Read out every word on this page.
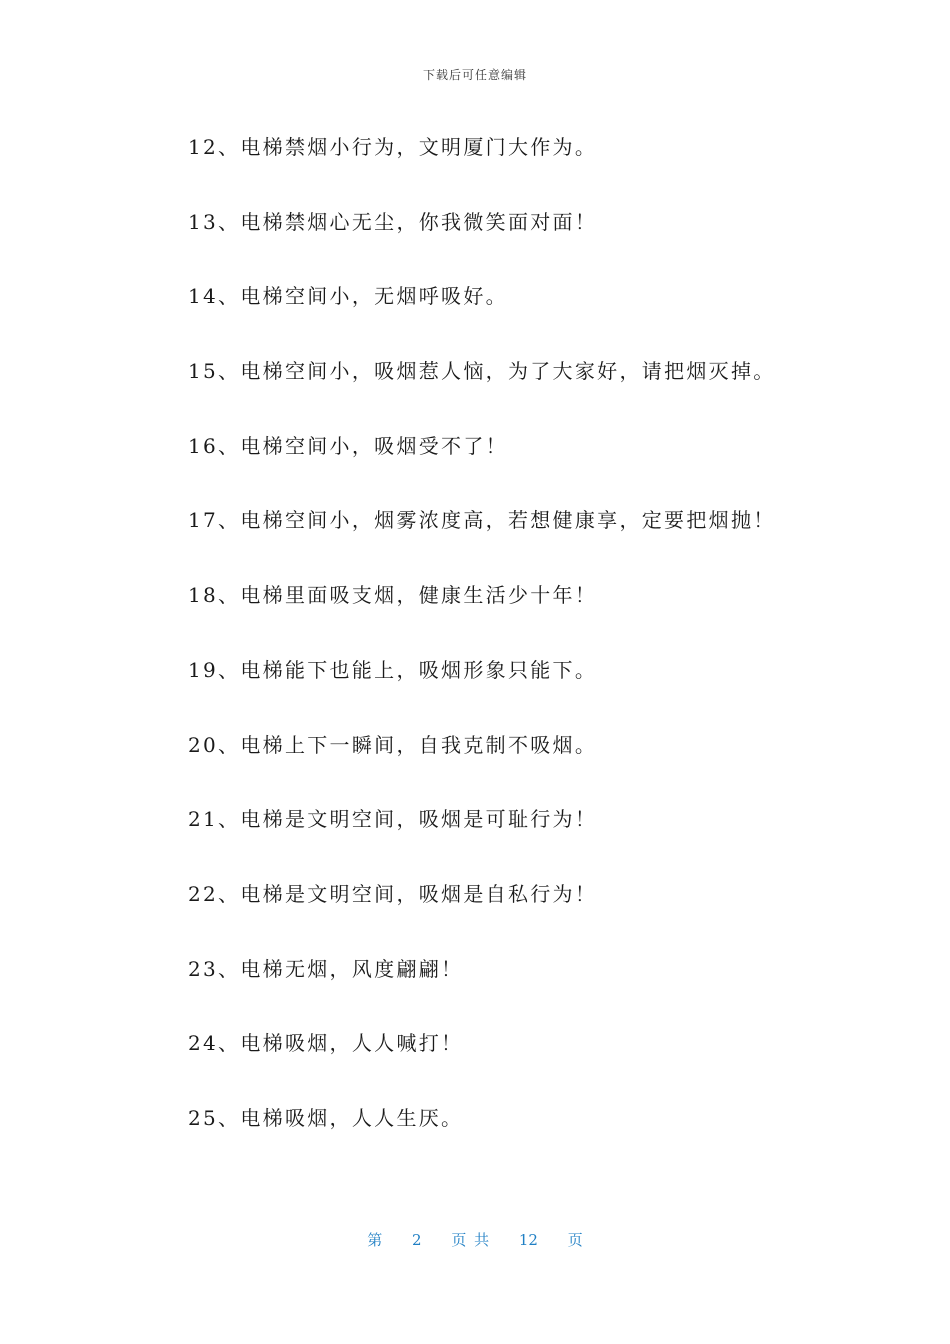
下载后可任意编辑
12、电梯禁烟小行为，文明厦门大作为。
13、电梯禁烟心无尘，你我微笑面对面！
14、电梯空间小，无烟呼吸好。
15、电梯空间小，吸烟惹人恼，为了大家好，请把烟灭掉。
16、电梯空间小，吸烟受不了！
17、电梯空间小，烟雾浓度高，若想健康享，定要把烟抛！
18、电梯里面吸支烟，健康生活少十年！
19、电梯能下也能上，吸烟形象只能下。
20、电梯上下一瞬间，自我克制不吸烟。
21、电梯是文明空间，吸烟是可耻行为！
22、电梯是文明空间，吸烟是自私行为！
23、电梯无烟，风度翩翩！
24、电梯吸烟，人人喊打！
25、电梯吸烟，人人生厌。
第 2 页 共 12 页
